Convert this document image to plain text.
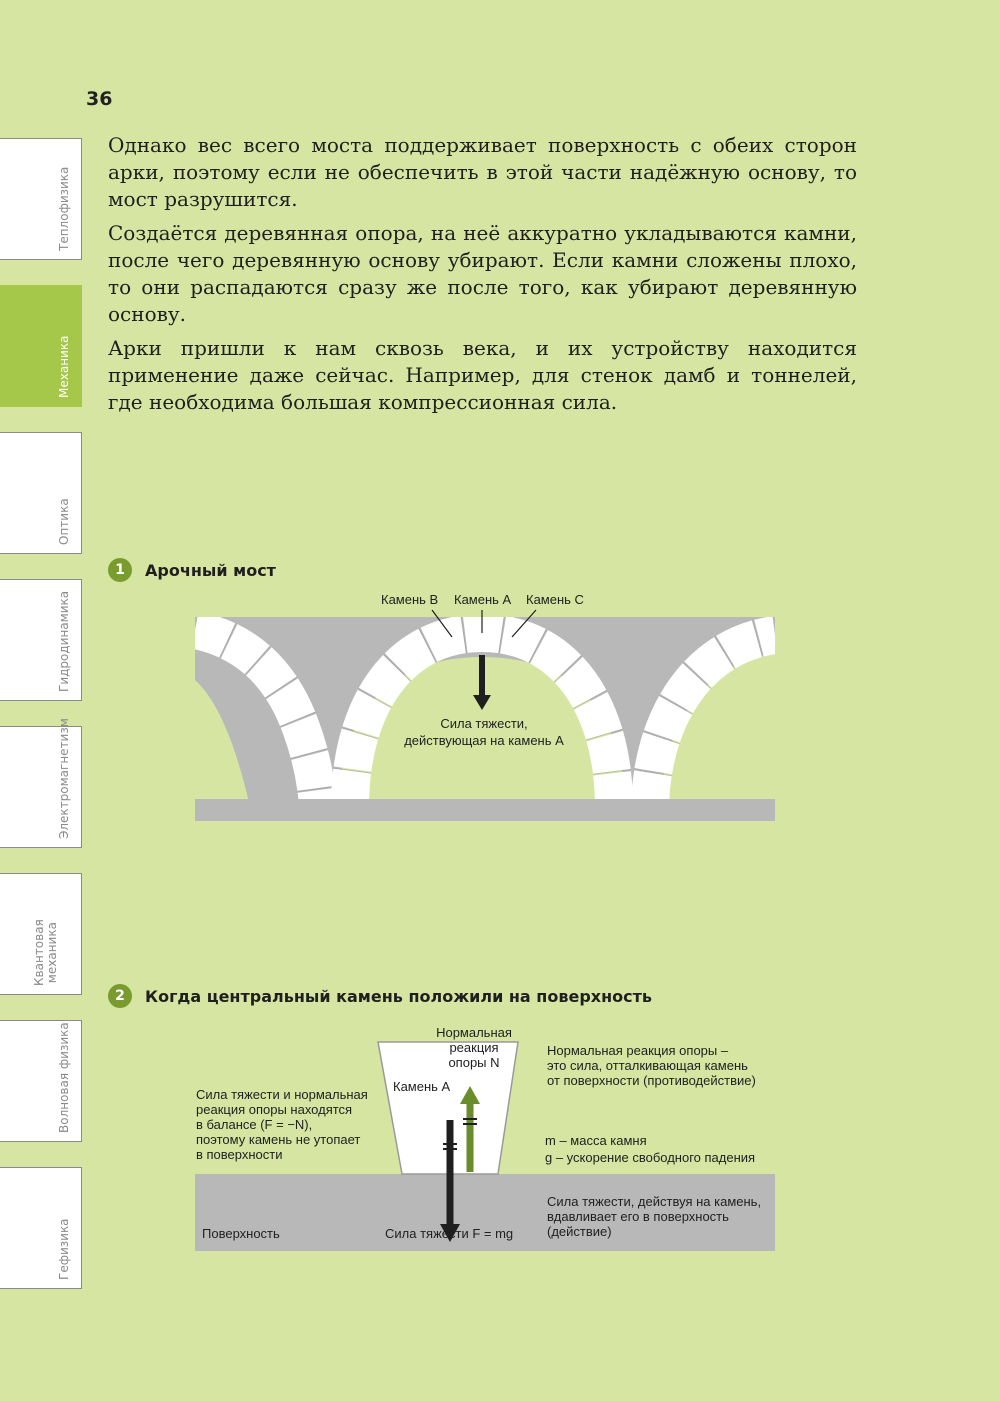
36

Однако вес всего моста поддерживает поверхность с обеих сторон арки, поэтому если не обеспечить в этой части надёжную основу, то мост разрушится.

Создаётся деревянная опора, на неё аккуратно укладываются камни, после чего деревянную основу убирают. Если камни сложены плохо, то они распадаются сразу же после того, как убирают деревянную основу.

Арки пришли к нам сквозь века, и их устройству находится применение даже сейчас. Например, для стенок дамб и тоннелей, где необходима большая компрессионная сила.

Теплофизика
Механика
Оптика
Гидродинамика
Электромагнетизм
Квантовая
механика
Волновая физика
Гефизика
1	Арочный мост
Камень B Камень A Камень C
Сила тяжести,
действующая на камень A
2	Когда центральный камень положили на поверхность
Нормальная
реакция
опоры N
Камень А
Сила тяжести и нормальная
реакция опоры находятся
в балансе (F = −N),
поэтому камень не утопает
в поверхности
Нормальная реакция опоры –
это сила, отталкивающая камень
от поверхности (противодействие)
m – масса камня
g – ускорение свободного падения
Сила тяжести, действуя на камень,
вдавливает его в поверхность
(действие)
Поверхность	Сила тяжести F = mg
